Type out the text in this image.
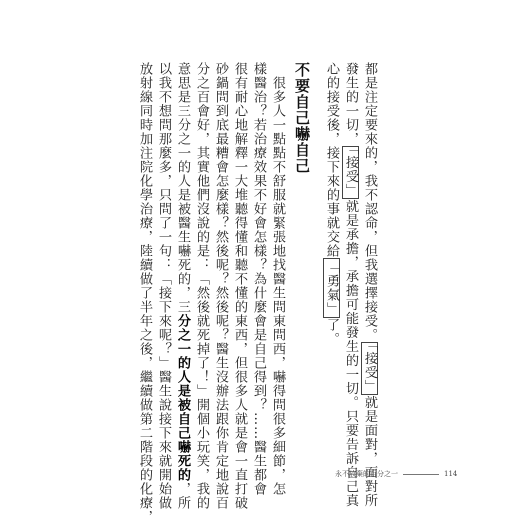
都是注定要來的，我不認命，但我選擇接受。「接受」就是面對，面對所
發生的一切，「接受」就是承擔，承擔可能發生的一切。只要告訴自己真
心的接受後，接下來的事就交給「勇氣」了。
不要自己嚇自己
很多人一點點不舒服就緊張地找醫生問東問西，嚇得問很多細節，怎
樣醫治？若治療效果不好會怎樣？為什麼會是自己得到？……醫生都會
很有耐心地解釋一大堆聽得懂和聽不懂的東西，但很多人就是會一直打破
砂鍋問到底最糟會怎麼樣？然後呢？然後呢？醫生沒辦法跟你肯定地說百
分之百會好，其實他們沒說的是：「然後就死掉了！」開個小玩笑，我的
意思是三分之一的人是被醫生嚇死的，三分之一的人是被自己嚇死的，所
以我不想問那麼多，只問了一句：「接下來呢？」醫生說接下來就開始做
放射線同時加注院化學治療，陸續做了半年之後，繼續做第二階段的化療，	永不放棄的百分之一	114
